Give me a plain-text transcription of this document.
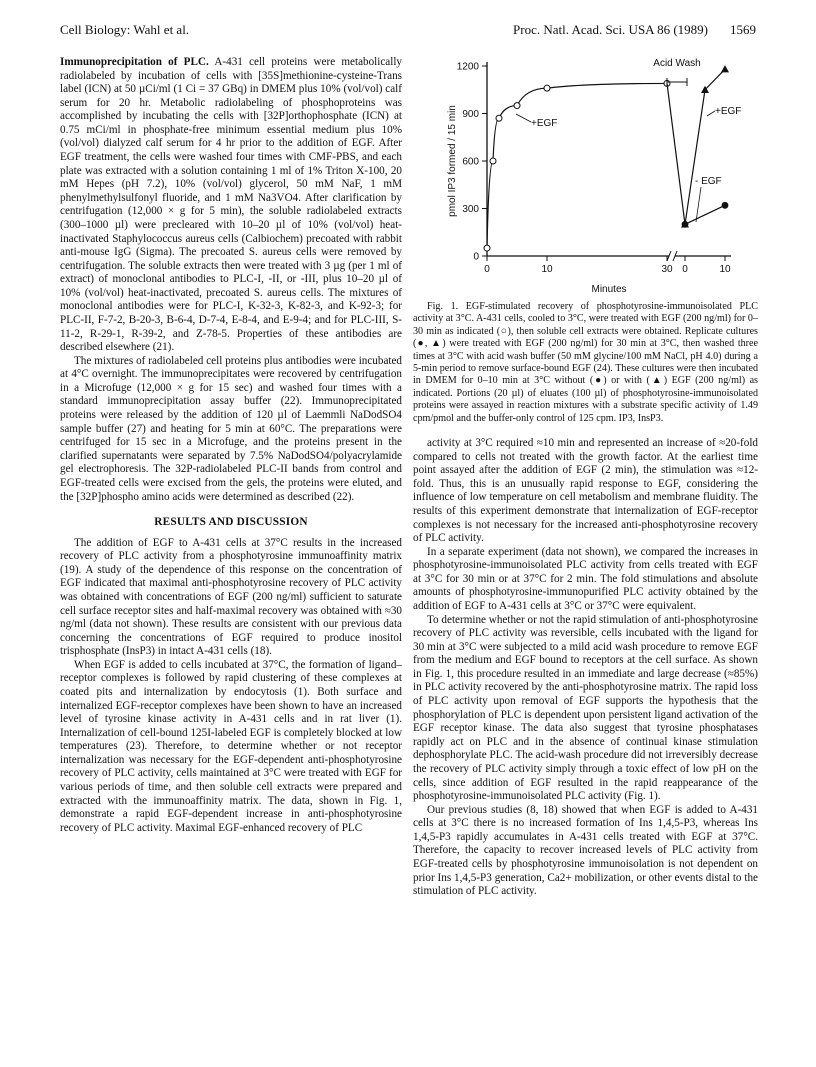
Cell Biology: Wahl et al.	Proc. Natl. Acad. Sci. USA 86 (1989) 1569

Immunoprecipitation of PLC. A-431 cell proteins were metabolically radiolabeled by incubation of cells with [35S]methionine-cysteine-Trans label (ICN) at 50 µCi/ml (1 Ci = 37 GBq) in DMEM plus 10% (vol/vol) calf serum for 20 hr. Metabolic radiolabeling of phosphoproteins was accomplished by incubating the cells with [32P]orthophosphate (ICN) at 0.75 mCi/ml in phosphate-free minimum essential medium plus 10% (vol/vol) dialyzed calf serum for 4 hr prior to the addition of EGF. After EGF treatment, the cells were washed four times with CMF-PBS, and each plate was extracted with a solution containing 1 ml of 1% Triton X-100, 20 mM Hepes (pH 7.2), 10% (vol/vol) glycerol, 50 mM NaF, 1 mM phenylmethylsulfonyl fluoride, and 1 mM Na3VO4. After clarification by centrifugation (12,000 × g for 5 min), the soluble radiolabeled extracts (300–1000 µl) were precleared with 10–20 µl of 10% (vol/vol) heat-inactivated Staphylococcus aureus cells (Calbiochem) precoated with rabbit anti-mouse IgG (Sigma). The precoated S. aureus cells were removed by centrifugation. The soluble extracts then were treated with 3 µg (per 1 ml of extract) of monoclonal antibodies to PLC-I, -II, or -III, plus 10–20 µl of 10% (vol/vol) heat-inactivated, precoated S. aureus cells. The mixtures of monoclonal antibodies were for PLC-I, K-32-3, K-82-3, and K-92-3; for PLC-II, F-7-2, B-20-3, B-6-4, D-7-4, E-8-4, and E-9-4; and for PLC-III, S-11-2, R-29-1, R-39-2, and Z-78-5. Properties of these antibodies are described elsewhere (21).

The mixtures of radiolabeled cell proteins plus antibodies were incubated at 4°C overnight. The immunoprecipitates were recovered by centrifugation in a Microfuge (12,000 × g for 15 sec) and washed four times with a standard immunoprecipitation assay buffer (22). Immunoprecipitated proteins were released by the addition of 120 µl of Laemmli NaDodSO4 sample buffer (27) and heating for 5 min at 60°C. The preparations were centrifuged for 15 sec in a Microfuge, and the proteins present in the clarified supernatants were separated by 7.5% NaDodSO4/polyacrylamide gel electrophoresis. The 32P-radiolabeled PLC-II bands from control and EGF-treated cells were excised from the gels, the proteins were eluted, and the [32P]phospho amino acids were determined as described (22).

RESULTS AND DISCUSSION

The addition of EGF to A-431 cells at 37°C results in the increased recovery of PLC activity from a phosphotyrosine immunoaffinity matrix (19). A study of the dependence of this response on the concentration of EGF indicated that maximal anti-phosphotyrosine recovery of PLC activity was obtained with concentrations of EGF (200 ng/ml) sufficient to saturate cell surface receptor sites and half-maximal recovery was obtained with ≈30 ng/ml (data not shown). These results are consistent with our previous data concerning the concentrations of EGF required to produce inositol trisphosphate (InsP3) in intact A-431 cells (18).

When EGF is added to cells incubated at 37°C, the formation of ligand–receptor complexes is followed by rapid clustering of these complexes at coated pits and internalization by endocytosis (1). Both surface and internalized EGF-receptor complexes have been shown to have an increased level of tyrosine kinase activity in A-431 cells and in rat liver (1). Internalization of cell-bound 125I-labeled EGF is completely blocked at low temperatures (23). Therefore, to determine whether or not receptor internalization was necessary for the EGF-dependent anti-phosphotyrosine recovery of PLC activity, cells maintained at 3°C were treated with EGF for various periods of time, and then soluble cell extracts were prepared and extracted with the immunoaffinity matrix. The data, shown in Fig. 1, demonstrate a rapid EGF-dependent increase in anti-phosphotyrosine recovery of PLC activity. Maximal EGF-enhanced recovery of PLC

0
300
600
900
1200
0	10	30 0	10
pmol IP3 formed / 15 min
Minutes
Acid Wash
+EGF
+EGF
- EGF

Fig. 1. EGF-stimulated recovery of phosphotyrosine-immunoisolated PLC activity at 3°C. A-431 cells, cooled to 3°C, were treated with EGF (200 ng/ml) for 0–30 min as indicated (○), then soluble cell extracts were obtained. Replicate cultures (●, ▲) were treated with EGF (200 ng/ml) for 30 min at 3°C, then washed three times at 3°C with acid wash buffer (50 mM glycine/100 mM NaCl, pH 4.0) during a 5-min period to remove surface-bound EGF (24). These cultures were then incubated in DMEM for 0–10 min at 3°C without (●) or with (▲) EGF (200 ng/ml) as indicated. Portions (20 µl) of eluates (100 µl) of phosphotyrosine-immunoisolated proteins were assayed in reaction mixtures with a substrate specific activity of 1.49 cpm/pmol and the buffer-only control of 125 cpm. IP3, InsP3.

activity at 3°C required ≈10 min and represented an increase of ≈20-fold compared to cells not treated with the growth factor. At the earliest time point assayed after the addition of EGF (2 min), the stimulation was ≈12-fold. Thus, this is an unusually rapid response to EGF, considering the influence of low temperature on cell metabolism and membrane fluidity. The results of this experiment demonstrate that internalization of EGF-receptor complexes is not necessary for the increased anti-phosphotyrosine recovery of PLC activity.

In a separate experiment (data not shown), we compared the increases in phosphotyrosine-immunoisolated PLC activity from cells treated with EGF at 3°C for 30 min or at 37°C for 2 min. The fold stimulations and absolute amounts of phosphotyrosine-immunopurified PLC activity obtained by the addition of EGF to A-431 cells at 3°C or 37°C were equivalent.

To determine whether or not the rapid stimulation of anti-phosphotyrosine recovery of PLC activity was reversible, cells incubated with the ligand for 30 min at 3°C were subjected to a mild acid wash procedure to remove EGF from the medium and EGF bound to receptors at the cell surface. As shown in Fig. 1, this procedure resulted in an immediate and large decrease (≈85%) in PLC activity recovered by the anti-phosphotyrosine matrix. The rapid loss of PLC activity upon removal of EGF supports the hypothesis that the phosphorylation of PLC is dependent upon persistent ligand activation of the EGF receptor kinase. The data also suggest that tyrosine phosphatases rapidly act on PLC and in the absence of continual kinase stimulation dephosphorylate PLC. The acid-wash procedure did not irreversibly decrease the recovery of PLC activity simply through a toxic effect of low pH on the cells, since addition of EGF resulted in the rapid reappearance of the phosphotyrosine-immunoisolated PLC activity (Fig. 1).

Our previous studies (8, 18) showed that when EGF is added to A-431 cells at 3°C there is no increased formation of Ins 1,4,5-P3, whereas Ins 1,4,5-P3 rapidly accumulates in A-431 cells treated with EGF at 37°C. Therefore, the capacity to recover increased levels of PLC activity from EGF-treated cells by phosphotyrosine immunoisolation is not dependent on prior Ins 1,4,5-P3 generation, Ca2+ mobilization, or other events distal to the stimulation of PLC activity.
